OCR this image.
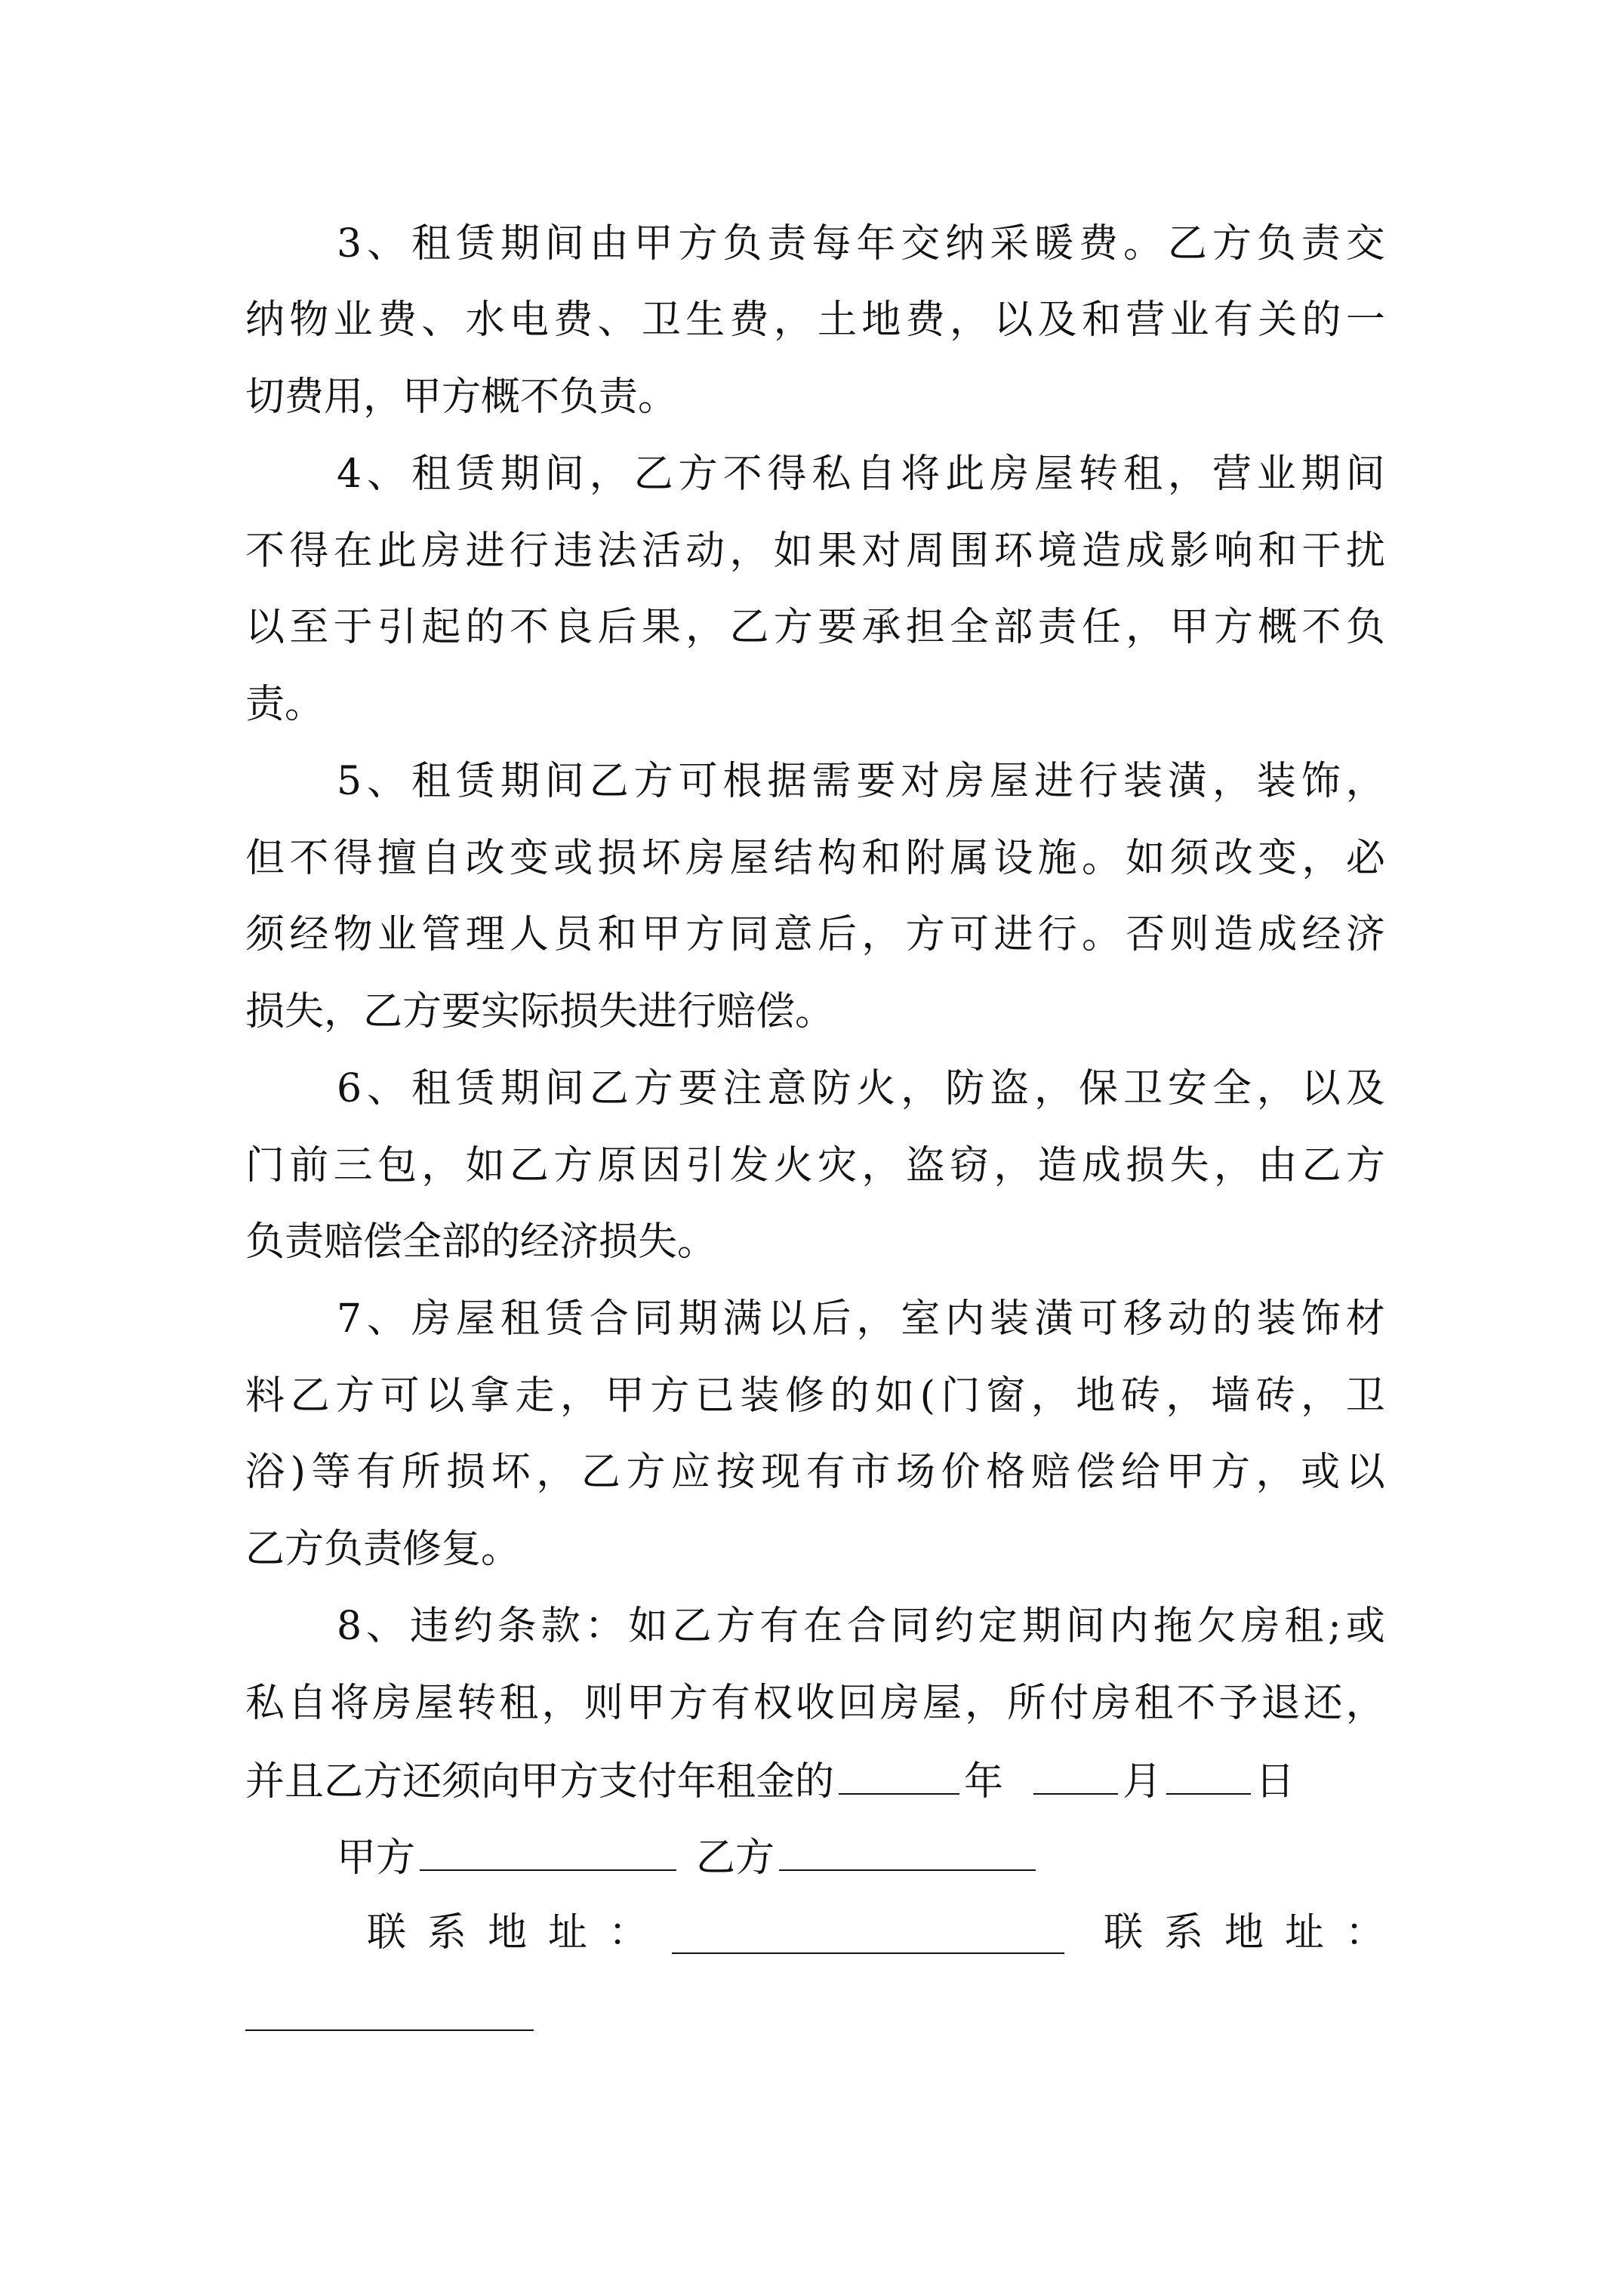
3 、 租 赁 期 间 由 甲 方 负 责 每 年 交 纳 采 暖 费 。 乙 方 负 责 交
纳 物 业 费 、 水 电 费 、 卫 生 费 ， 土 地 费 ， 以 及 和 营 业 有 关 的 一
切费用，甲方概不负责。
4 、 租 赁 期 间 ， 乙 方 不 得 私 自 将 此 房 屋 转 租 ， 营 业 期 间
不 得 在 此 房 进 行 违 法 活 动 ， 如 果 对 周 围 环 境 造 成 影 响 和 干 扰
以 至 于 引 起 的 不 良 后 果 ， 乙 方 要 承 担 全 部 责 任 ， 甲 方 概 不 负
责。
5 、 租 赁 期 间 乙 方 可 根 据 需 要 对 房 屋 进 行 装 潢 ， 装 饰 ，
但 不 得 擅 自 改 变 或 损 坏 房 屋 结 构 和 附 属 设 施 。 如 须 改 变 ， 必
须 经 物 业 管 理 人 员 和 甲 方 同 意 后 ， 方 可 进 行 。 否 则 造 成 经 济
损失，乙方要实际损失进行赔偿。
6 、 租 赁 期 间 乙 方 要 注 意 防 火 ， 防 盗 ， 保 卫 安 全 ， 以 及
门 前 三 包 ， 如 乙 方 原 因 引 发 火 灾 ， 盗 窃 ， 造 成 损 失 ， 由 乙 方
负责赔偿全部的经济损失。
7 、 房 屋 租 赁 合 同 期 满 以 后 ， 室 内 装 潢 可 移 动 的 装 饰 材
料 乙 方 可 以 拿 走 ， 甲 方 已 装 修 的 如 ( 门 窗 ， 地 砖 ， 墙 砖 ， 卫
浴 ) 等 有 所 损 坏 ， 乙 方 应 按 现 有 市 场 价 格 赔 偿 给 甲 方 ， 或 以
乙方负责修复。
8 、 违 约 条 款 ： 如 乙 方 有 在 合 同 约 定 期 间 内 拖 欠 房 租 ; 或
私 自 将 房 屋 转 租 ， 则 甲 方 有 权 收 回 房 屋 ， 所 付 房 租 不 予 退 还 ，
并且乙方还须向甲方支付年租金的	年	月 日
甲方	乙方
联系地址：	联系地址：
